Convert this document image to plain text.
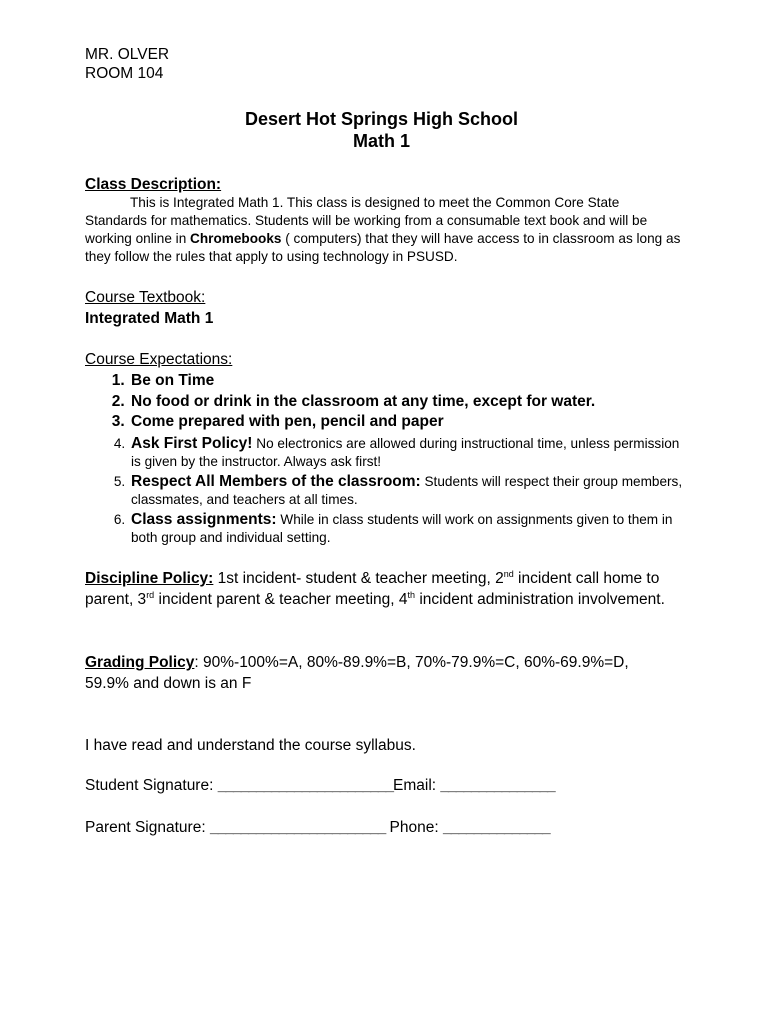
MR. OLVER
ROOM 104
Desert Hot Springs High School
Math 1
Class Description:
This is Integrated Math 1. This class is designed to meet the Common Core State Standards for mathematics. Students will be working from a consumable text book and will be working online in Chromebooks ( computers) that they will have access to in classroom as long as they follow the rules that apply to using technology in PSUSD.
Course Textbook:
Integrated Math 1
Course Expectations:
1. Be on Time
2. No food or drink in the classroom at any time, except for water.
3. Come prepared with pen, pencil and paper
4. Ask First Policy! No electronics are allowed during instructional time, unless permission is given by the instructor. Always ask first!
5. Respect All Members of the classroom: Students will respect their group members, classmates, and teachers at all times.
6. Class assignments: While in class students will work on assignments given to them in both group and individual setting.
Discipline Policy: 1st incident- student & teacher meeting, 2nd incident call home to parent, 3rd incident parent & teacher meeting, 4th incident administration involvement.
Grading Policy: 90%-100%=A, 80%-89.9%=B, 70%-79.9%=C, 60%-69.9%=D, 59.9% and down is an F
I have read and understand the course syllabus.
Student Signature: _______________________Email: _______________
Parent Signature: _______________________ Phone: ______________
